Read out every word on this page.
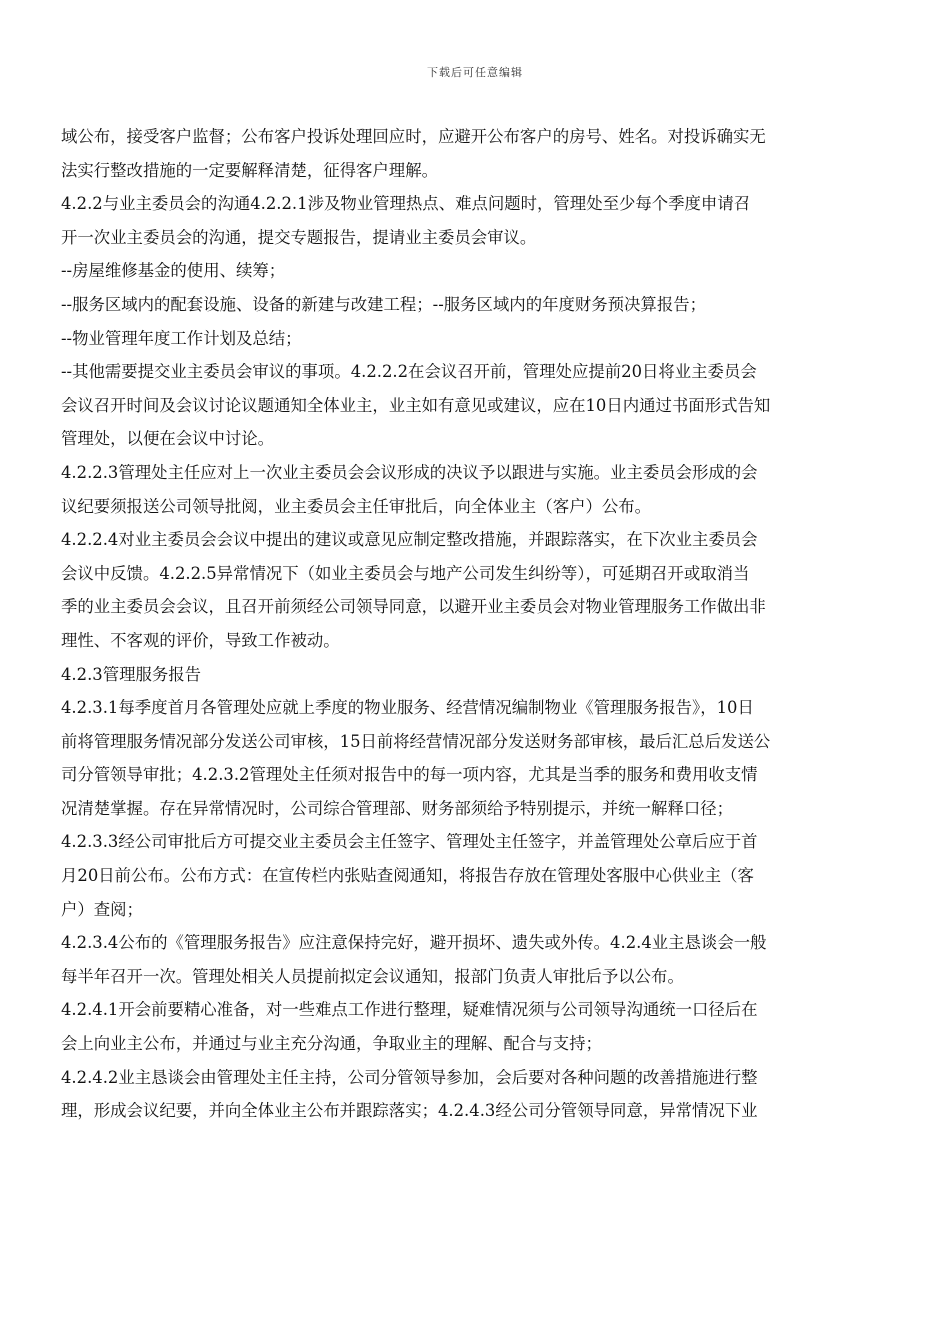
下载后可任意编辑
域公布，接受客户监督；公布客户投诉处理回应时，应避开公布客户的房号、姓名。对投诉确实无
法实行整改措施的一定要解释清楚，征得客户理解。
4.2.2与业主委员会的沟通4.2.2.1涉及物业管理热点、难点问题时，管理处至少每个季度申请召
开一次业主委员会的沟通，提交专题报告，提请业主委员会审议。
--房屋维修基金的使用、续筹；
--服务区域内的配套设施、设备的新建与改建工程；--服务区域内的年度财务预决算报告；
--物业管理年度工作计划及总结；
--其他需要提交业主委员会审议的事项。4.2.2.2在会议召开前，管理处应提前20日将业主委员会
会议召开时间及会议讨论议题通知全体业主，业主如有意见或建议，应在10日内通过书面形式告知
管理处，以便在会议中讨论。
4.2.2.3管理处主任应对上一次业主委员会会议形成的决议予以跟进与实施。业主委员会形成的会
议纪要须报送公司领导批阅，业主委员会主任审批后，向全体业主（客户）公布。
4.2.2.4对业主委员会会议中提出的建议或意见应制定整改措施，并跟踪落实，在下次业主委员会
会议中反馈。4.2.2.5异常情况下（如业主委员会与地产公司发生纠纷等），可延期召开或取消当
季的业主委员会会议，且召开前须经公司领导同意，以避开业主委员会对物业管理服务工作做出非
理性、不客观的评价，导致工作被动。
4.2.3管理服务报告
4.2.3.1每季度首月各管理处应就上季度的物业服务、经营情况编制物业《管理服务报告》，10日
前将管理服务情况部分发送公司审核，15日前将经营情况部分发送财务部审核，最后汇总后发送公
司分管领导审批；4.2.3.2管理处主任须对报告中的每一项内容，尤其是当季的服务和费用收支情
况清楚掌握。存在异常情况时，公司综合管理部、财务部须给予特别提示，并统一解释口径；
4.2.3.3经公司审批后方可提交业主委员会主任签字、管理处主任签字，并盖管理处公章后应于首
月20日前公布。公布方式：在宣传栏内张贴查阅通知，将报告存放在管理处客服中心供业主（客
户）查阅；
4.2.3.4公布的《管理服务报告》应注意保持完好，避开损坏、遗失或外传。4.2.4业主恳谈会一般
每半年召开一次。管理处相关人员提前拟定会议通知，报部门负责人审批后予以公布。
4.2.4.1开会前要精心准备，对一些难点工作进行整理，疑难情况须与公司领导沟通统一口径后在
会上向业主公布，并通过与业主充分沟通，争取业主的理解、配合与支持；
4.2.4.2业主恳谈会由管理处主任主持，公司分管领导参加，会后要对各种问题的改善措施进行整
理，形成会议纪要，并向全体业主公布并跟踪落实；4.2.4.3经公司分管领导同意，异常情况下业
